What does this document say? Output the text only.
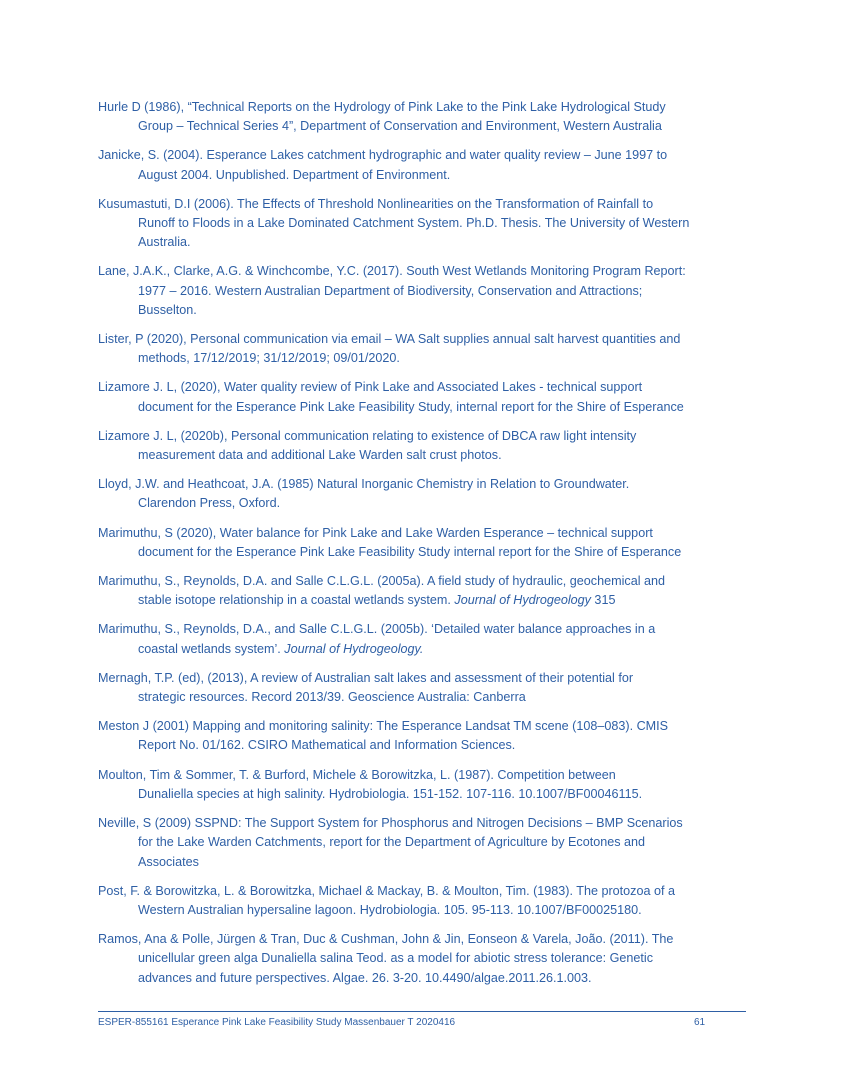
Hurle D (1986), “Technical Reports on the Hydrology of Pink Lake to the Pink Lake Hydrological Study
Group – Technical Series 4”, Department of Conservation and Environment, Western Australia

Janicke, S. (2004). Esperance Lakes catchment hydrographic and water quality review – June 1997 to
August 2004. Unpublished. Department of Environment.

Kusumastuti, D.I (2006). The Effects of Threshold Nonlinearities on the Transformation of Rainfall to
Runoff to Floods in a Lake Dominated Catchment System. Ph.D. Thesis. The University of Western
Australia.

Lane, J.A.K., Clarke, A.G. & Winchcombe, Y.C. (2017). South West Wetlands Monitoring Program Report:
1977 – 2016. Western Australian Department of Biodiversity, Conservation and Attractions;
Busselton.

Lister, P (2020), Personal communication via email – WA Salt supplies annual salt harvest quantities and
methods, 17/12/2019; 31/12/2019; 09/01/2020.

Lizamore J. L, (2020), Water quality review of Pink Lake and Associated Lakes - technical support
document for the Esperance Pink Lake Feasibility Study, internal report for the Shire of Esperance

Lizamore J. L, (2020b), Personal communication relating to existence of DBCA raw light intensity
measurement data and additional Lake Warden salt crust photos.

Lloyd, J.W. and Heathcoat, J.A. (1985) Natural Inorganic Chemistry in Relation to Groundwater.
Clarendon Press, Oxford.

Marimuthu, S (2020), Water balance for Pink Lake and Lake Warden Esperance – technical support
document for the Esperance Pink Lake Feasibility Study internal report for the Shire of Esperance

Marimuthu, S., Reynolds, D.A. and Salle C.L.G.L. (2005a). A field study of hydraulic, geochemical and
stable isotope relationship in a coastal wetlands system. Journal of Hydrogeology 315

Marimuthu, S., Reynolds, D.A., and Salle C.L.G.L. (2005b). ‘Detailed water balance approaches in a
coastal wetlands system’. Journal of Hydrogeology.

Mernagh, T.P. (ed), (2013), A review of Australian salt lakes and assessment of their potential for
strategic resources. Record 2013/39. Geoscience Australia: Canberra

Meston J (2001) Mapping and monitoring salinity: The Esperance Landsat TM scene (108–083). CMIS
Report No. 01/162. CSIRO Mathematical and Information Sciences.

Moulton, Tim & Sommer, T. & Burford, Michele & Borowitzka, L. (1987). Competition between
Dunaliella species at high salinity. Hydrobiologia. 151-152. 107-116. 10.1007/BF00046115.

Neville, S (2009) SSPND: The Support System for Phosphorus and Nitrogen Decisions – BMP Scenarios
for the Lake Warden Catchments, report for the Department of Agriculture by Ecotones and
Associates

Post, F. & Borowitzka, L. & Borowitzka, Michael & Mackay, B. & Moulton, Tim. (1983). The protozoa of a
Western Australian hypersaline lagoon. Hydrobiologia. 105. 95-113. 10.1007/BF00025180.

Ramos, Ana & Polle, Jürgen & Tran, Duc & Cushman, John & Jin, Eonseon & Varela, João. (2011). The
unicellular green alga Dunaliella salina Teod. as a model for abiotic stress tolerance: Genetic
advances and future perspectives. Algae. 26. 3-20. 10.4490/algae.2011.26.1.003.

ESPER-855161 Esperance Pink Lake Feasibility Study Massenbauer T 2020416	61
